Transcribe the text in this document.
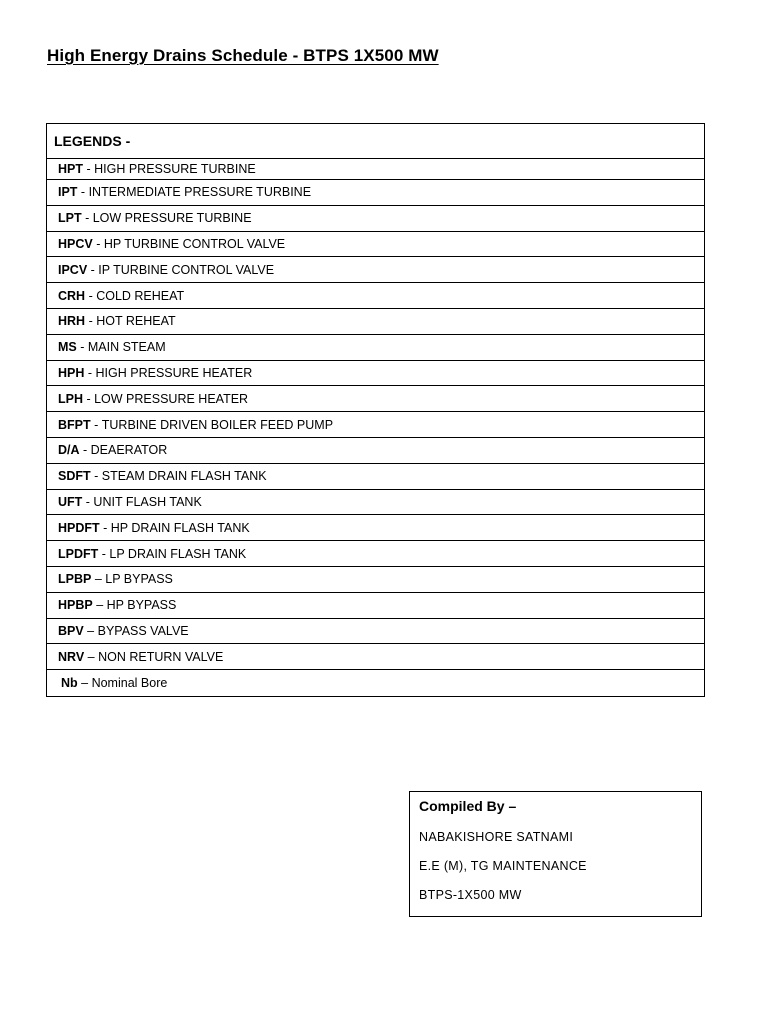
High Energy Drains Schedule - BTPS 1X500 MW
LEGENDS -
HPT - HIGH PRESSURE TURBINE
IPT - INTERMEDIATE PRESSURE TURBINE
LPT - LOW PRESSURE TURBINE
HPCV - HP TURBINE CONTROL VALVE
IPCV - IP TURBINE CONTROL VALVE
CRH - COLD REHEAT
HRH - HOT REHEAT
MS - MAIN STEAM
HPH - HIGH PRESSURE HEATER
LPH - LOW PRESSURE HEATER
BFPT - TURBINE DRIVEN BOILER FEED PUMP
D/A - DEAERATOR
SDFT - STEAM DRAIN FLASH TANK
UFT - UNIT FLASH TANK
HPDFT - HP DRAIN FLASH TANK
LPDFT - LP DRAIN FLASH TANK
LPBP – LP BYPASS
HPBP – HP BYPASS
BPV – BYPASS VALVE
NRV – NON RETURN VALVE
Nb – Nominal Bore
Compiled By –
NABAKISHORE SATNAMI
E.E (M), TG MAINTENANCE
BTPS-1X500 MW
